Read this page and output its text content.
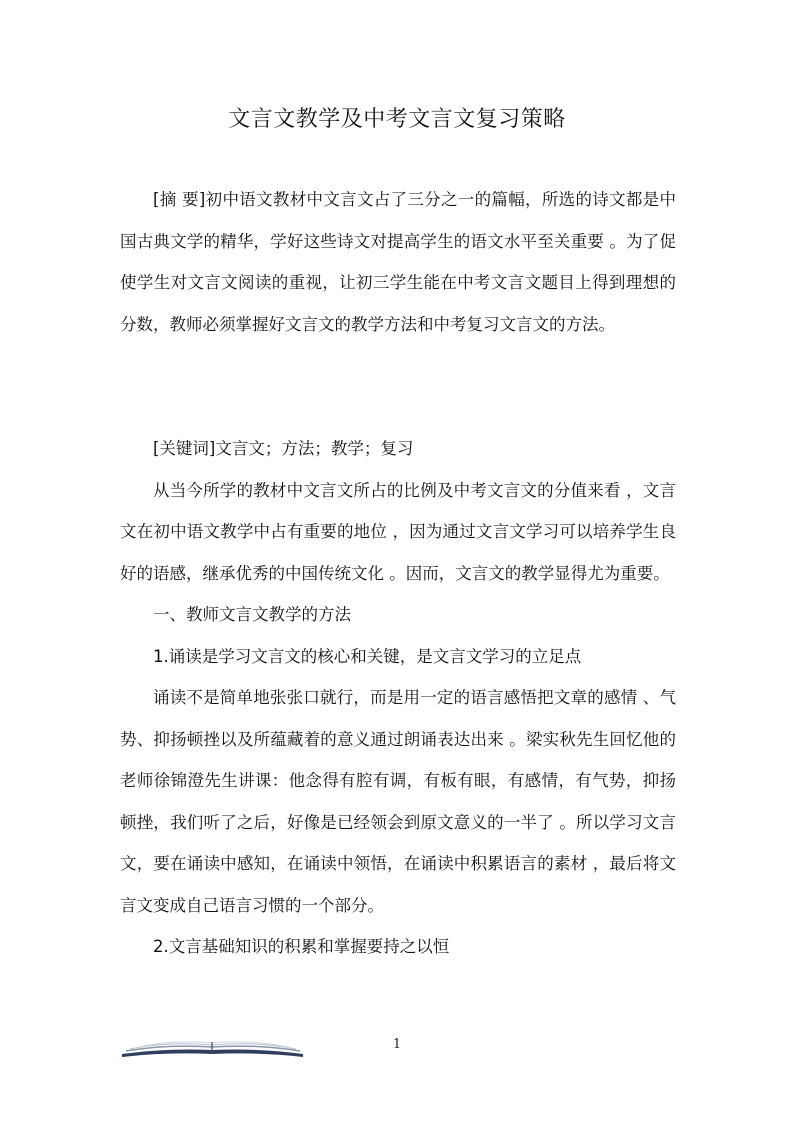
文言文教学及中考文言文复习策略

[摘 要]初中语文教材中文言文占了三分之一的篇幅，所选的诗文都是中国古典文学的精华，学好这些诗文对提高学生的语文水平至关重要 。为了促使学生对文言文阅读的重视，让初三学生能在中考文言文题目上得到理想的分数，教师必须掌握好文言文的教学方法和中考复习文言文的方法。

[关键词]文言文；方法；教学；复习

从当今所学的教材中文言文所占的比例及中考文言文的分值来看 ，文言文在初中语文教学中占有重要的地位 ，因为通过文言文学习可以培养学生良好的语感，继承优秀的中国传统文化 。因而，文言文的教学显得尤为重要。

一、教师文言文教学的方法

1.诵读是学习文言文的核心和关键，是文言文学习的立足点

诵读不是简单地张张口就行，而是用一定的语言感悟把文章的感情 、气势、抑扬顿挫以及所蕴藏着的意义通过朗诵表达出来 。梁实秋先生回忆他的老师徐锦澄先生讲课：他念得有腔有调，有板有眼，有感情，有气势，抑扬顿挫，我们听了之后，好像是已经领会到原文意义的一半了 。所以学习文言文，要在诵读中感知，在诵读中领悟，在诵读中积累语言的素材 ，最后将文言文变成自己语言习惯的一个部分。

2.文言基础知识的积累和掌握要持之以恒

1
